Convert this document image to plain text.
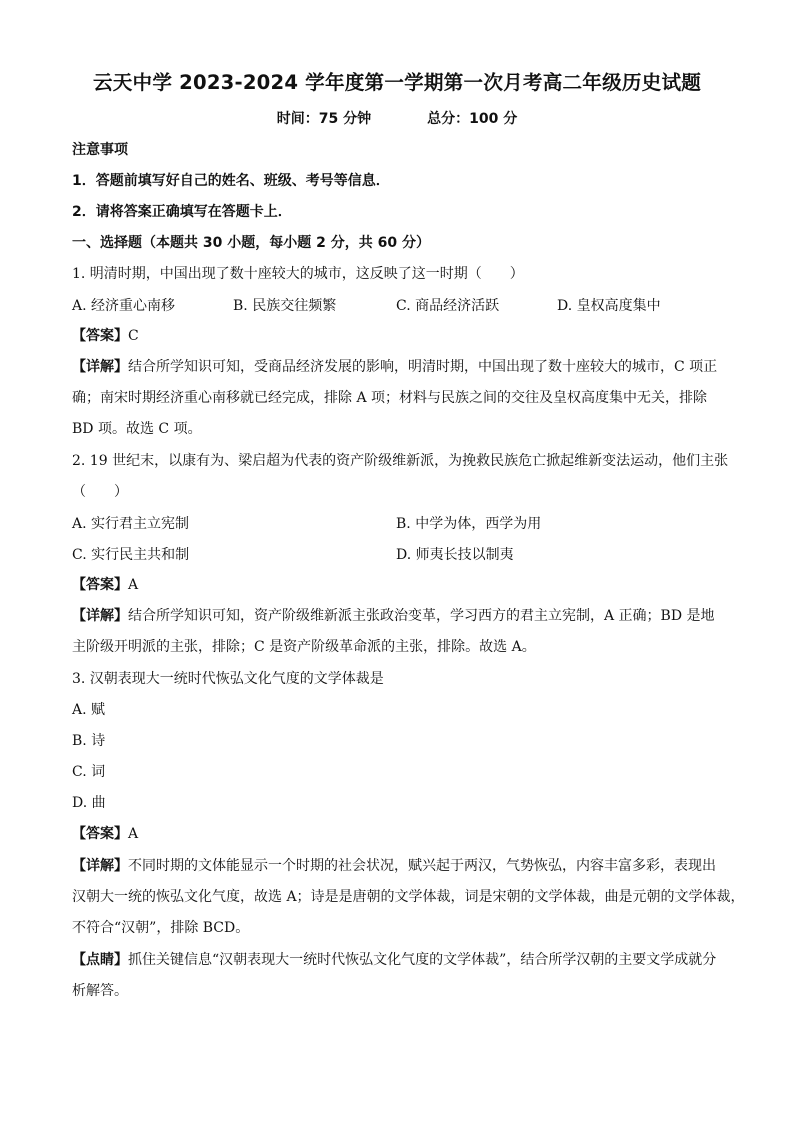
云天中学 2023-2024 学年度第一学期第一次月考高二年级历史试题
时间：75 分钟	总分：100 分
注意事项
1．答题前填写好自己的姓名、班级、考号等信息．
2．请将答案正确填写在答题卡上．
一、选择题（本题共 30 小题，每小题 2 分，共 60 分）
1. 明清时期，中国出现了数十座较大的城市，这反映了这一时期（　　）
A. 经济重心南移	B. 民族交往频繁	C. 商品经济活跃	D. 皇权高度集中
【答案】C
【详解】结合所学知识可知，受商品经济发展的影响，明清时期，中国出现了数十座较大的城市，C 项正
确；南宋时期经济重心南移就已经完成，排除 A 项；材料与民族之间的交往及皇权高度集中无关，排除
BD 项。故选 C 项。
2. 19 世纪末，以康有为、梁启超为代表的资产阶级维新派，为挽救民族危亡掀起维新变法运动，他们主张
（　　）
A. 实行君主立宪制	B. 中学为体，西学为用
C. 实行民主共和制	D. 师夷长技以制夷
【答案】A
【详解】结合所学知识可知，资产阶级维新派主张政治变革，学习西方的君主立宪制，A 正确；BD 是地
主阶级开明派的主张，排除；C 是资产阶级革命派的主张，排除。故选 A。
3. 汉朝表现大一统时代恢弘文化气度的文学体裁是
A. 赋
B. 诗
C. 词
D. 曲
【答案】A
【详解】不同时期的文体能显示一个时期的社会状况，赋兴起于两汉，气势恢弘，内容丰富多彩，表现出
汉朝大一统的恢弘文化气度，故选 A；诗是是唐朝的文学体裁，词是宋朝的文学体裁，曲是元朝的文学体裁，
不符合“汉朝”，排除 BCD。
【点睛】抓住关键信息“汉朝表现大一统时代恢弘文化气度的文学体裁”，结合所学汉朝的主要文学成就分
析解答。
